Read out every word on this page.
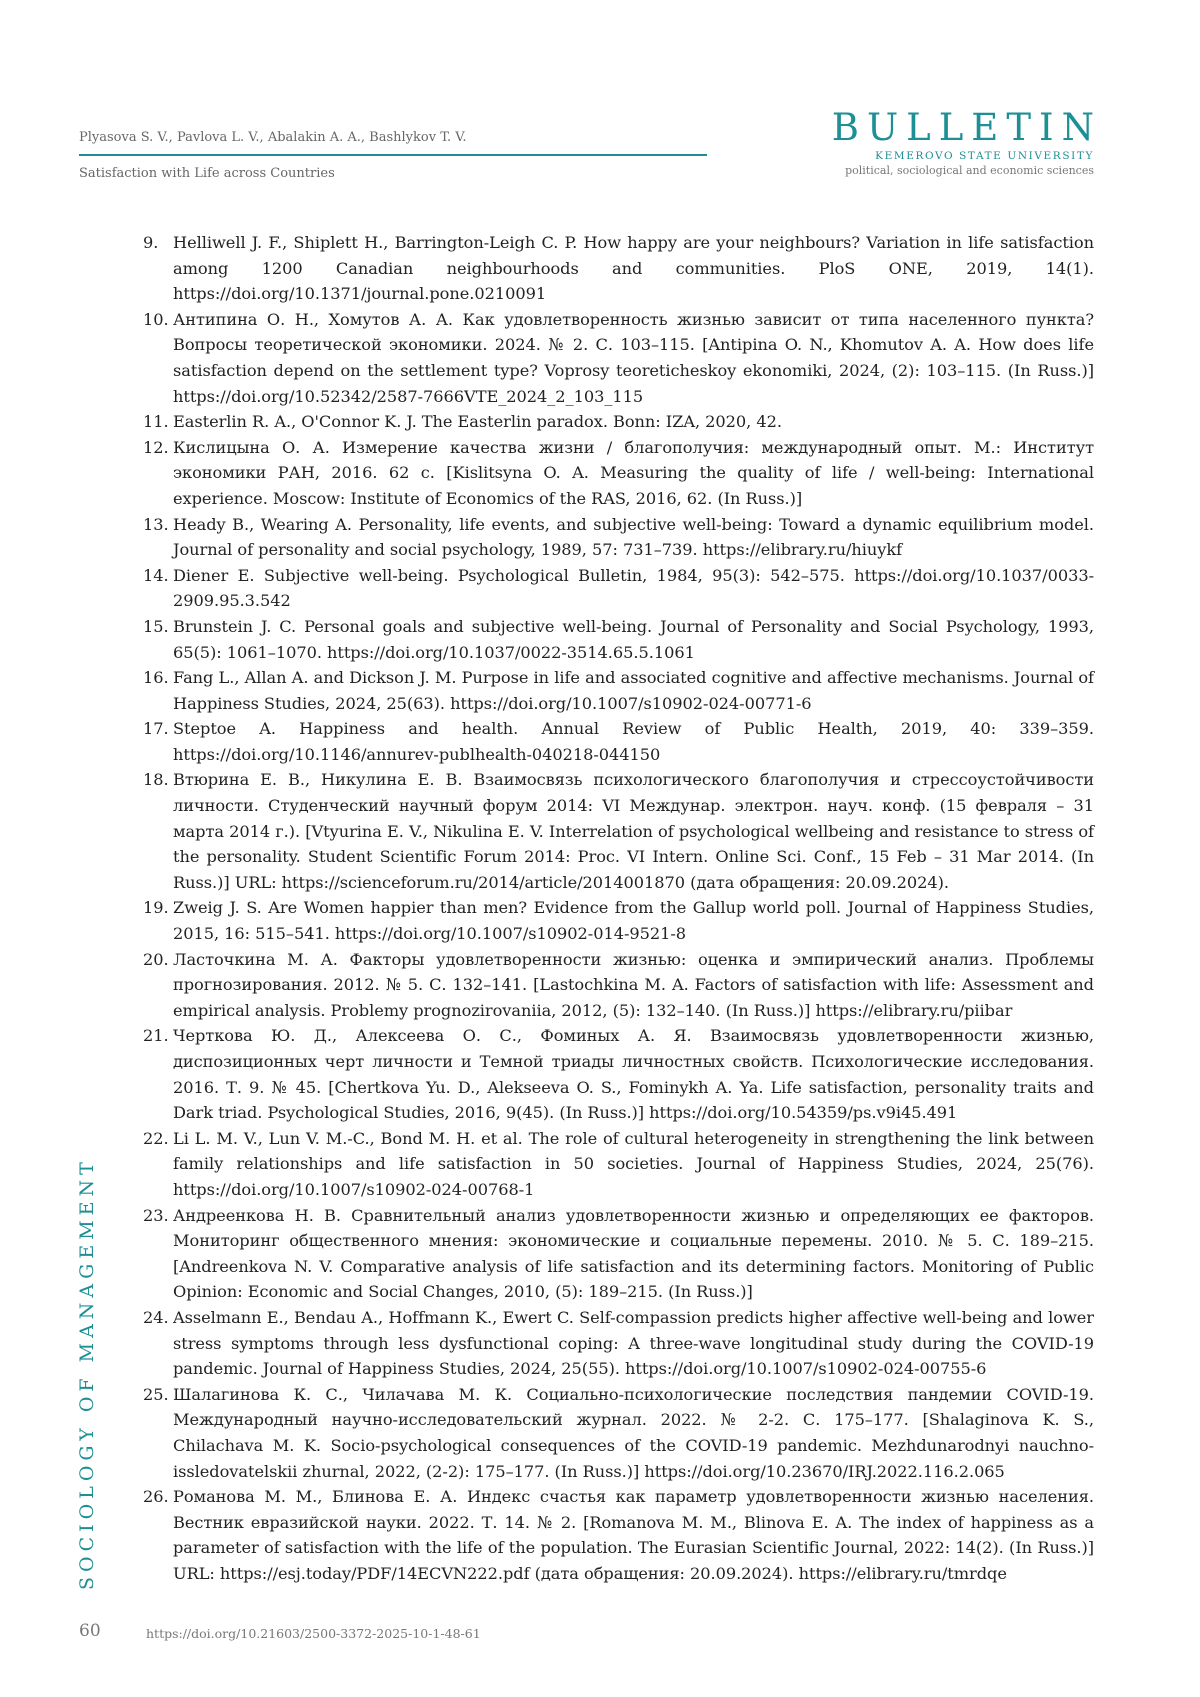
Plyasova S. V., Pavlova L. V., Abalakin A. A., Bashlykov T. V.
Satisfaction with Life across Countries
BULLETIN
KEMEROVO STATE UNIVERSITY
political, sociological and economic sciences
9. Helliwell J. F., Shiplett H., Barrington-Leigh C. P. How happy are your neighbours? Variation in life satisfaction among 1200 Canadian neighbourhoods and communities. PloS ONE, 2019, 14(1). https://doi.org/10.1371/journal.pone.0210091
10. Антипина О. Н., Хомутов А. А. Как удовлетворенность жизнью зависит от типа населенного пункта? Вопросы теоретической экономики. 2024. № 2. С. 103–115. [Antipina O. N., Khomutov A. A. How does life satisfaction depend on the settlement type? Voprosy teoreticheskoy ekonomiki, 2024, (2): 103–115. (In Russ.)] https://doi.org/10.52342/2587-7666VTE_2024_2_103_115
11. Easterlin R. A., O'Connor K. J. The Easterlin paradox. Bonn: IZA, 2020, 42.
12. Кислицына О. А. Измерение качества жизни / благополучия: международный опыт. М.: Институт экономики РАН, 2016. 62 с. [Kislitsyna O. A. Measuring the quality of life / well-being: International experience. Moscow: Institute of Economics of the RAS, 2016, 62. (In Russ.)]
13. Heady B., Wearing A. Personality, life events, and subjective well-being: Toward a dynamic equilibrium model. Journal of personality and social psychology, 1989, 57: 731–739. https://elibrary.ru/hiuykf
14. Diener E. Subjective well-being. Psychological Bulletin, 1984, 95(3): 542–575. https://doi.org/10.1037/0033-2909.95.3.542
15. Brunstein J. C. Personal goals and subjective well-being. Journal of Personality and Social Psychology, 1993, 65(5): 1061–1070. https://doi.org/10.1037/0022-3514.65.5.1061
16. Fang L., Allan A. and Dickson J. M. Purpose in life and associated cognitive and affective mechanisms. Journal of Happiness Studies, 2024, 25(63). https://doi.org/10.1007/s10902-024-00771-6
17. Steptoe A. Happiness and health. Annual Review of Public Health, 2019, 40: 339–359. https://doi.org/10.1146/annurev-publhealth-040218-044150
18. Втюрина Е. В., Никулина Е. В. Взаимосвязь психологического благополучия и стрессоустойчивости личности. Студенческий научный форум 2014: VI Междунар. электрон. науч. конф. (15 февраля – 31 марта 2014 г.). [Vtyurina E. V., Nikulina E. V. Interrelation of psychological wellbeing and resistance to stress of the personality. Student Scientific Forum 2014: Proc. VI Intern. Online Sci. Conf., 15 Feb – 31 Mar 2014. (In Russ.)] URL: https://scienceforum.ru/2014/article/2014001870 (дата обращения: 20.09.2024).
19. Zweig J. S. Are Women happier than men? Evidence from the Gallup world poll. Journal of Happiness Studies, 2015, 16: 515–541. https://doi.org/10.1007/s10902-014-9521-8
20. Ласточкина М. А. Факторы удовлетворенности жизнью: оценка и эмпирический анализ. Проблемы прогнозирования. 2012. № 5. С. 132–141. [Lastochkina M. A. Factors of satisfaction with life: Assessment and empirical analysis. Problemy prognozirovaniia, 2012, (5): 132–140. (In Russ.)] https://elibrary.ru/piibar
21. Черткова Ю. Д., Алексеева О. С., Фоминых А. Я. Взаимосвязь удовлетворенности жизнью, диспозиционных черт личности и Темной триады личностных свойств. Психологические исследования. 2016. Т. 9. № 45. [Chertkova Yu. D., Alekseeva O. S., Fominykh A. Ya. Life satisfaction, personality traits and Dark triad. Psychological Studies, 2016, 9(45). (In Russ.)] https://doi.org/10.54359/ps.v9i45.491
22. Li L. M. V., Lun V. M.-C., Bond M. H. et al. The role of cultural heterogeneity in strengthening the link between family relationships and life satisfaction in 50 societies. Journal of Happiness Studies, 2024, 25(76). https://doi.org/10.1007/s10902-024-00768-1
23. Андреенкова Н. В. Сравнительный анализ удовлетворенности жизнью и определяющих ее факторов. Мониторинг общественного мнения: экономические и социальные перемены. 2010. № 5. С. 189–215. [Andreenkova N. V. Comparative analysis of life satisfaction and its determining factors. Monitoring of Public Opinion: Economic and Social Changes, 2010, (5): 189–215. (In Russ.)]
24. Asselmann E., Bendau A., Hoffmann K., Ewert C. Self-compassion predicts higher affective well-being and lower stress symptoms through less dysfunctional coping: A three-wave longitudinal study during the COVID-19 pandemic. Journal of Happiness Studies, 2024, 25(55). https://doi.org/10.1007/s10902-024-00755-6
25. Шалагинова К. С., Чилачава М. К. Социально-психологические последствия пандемии COVID-19. Международный научно-исследовательский журнал. 2022. № 2-2. С. 175–177. [Shalaginova K. S., Chilachava M. K. Socio-psychological consequences of the COVID-19 pandemic. Mezhdunarodnyi nauchno-issledovatelskii zhurnal, 2022, (2-2): 175–177. (In Russ.)] https://doi.org/10.23670/IRJ.2022.116.2.065
26. Романова М. М., Блинова Е. А. Индекс счастья как параметр удовлетворенности жизнью населения. Вестник евразийской науки. 2022. Т. 14. № 2. [Romanova M. M., Blinova E. A. The index of happiness as a parameter of satisfaction with the life of the population. The Eurasian Scientific Journal, 2022: 14(2). (In Russ.)] URL: https://esj.today/PDF/14ECVN222.pdf (дата обращения: 20.09.2024). https://elibrary.ru/tmrdqe
SOCIOLOGY OF MANAGEMENT
60	https://doi.org/10.21603/2500-3372-2025-10-1-48-61
